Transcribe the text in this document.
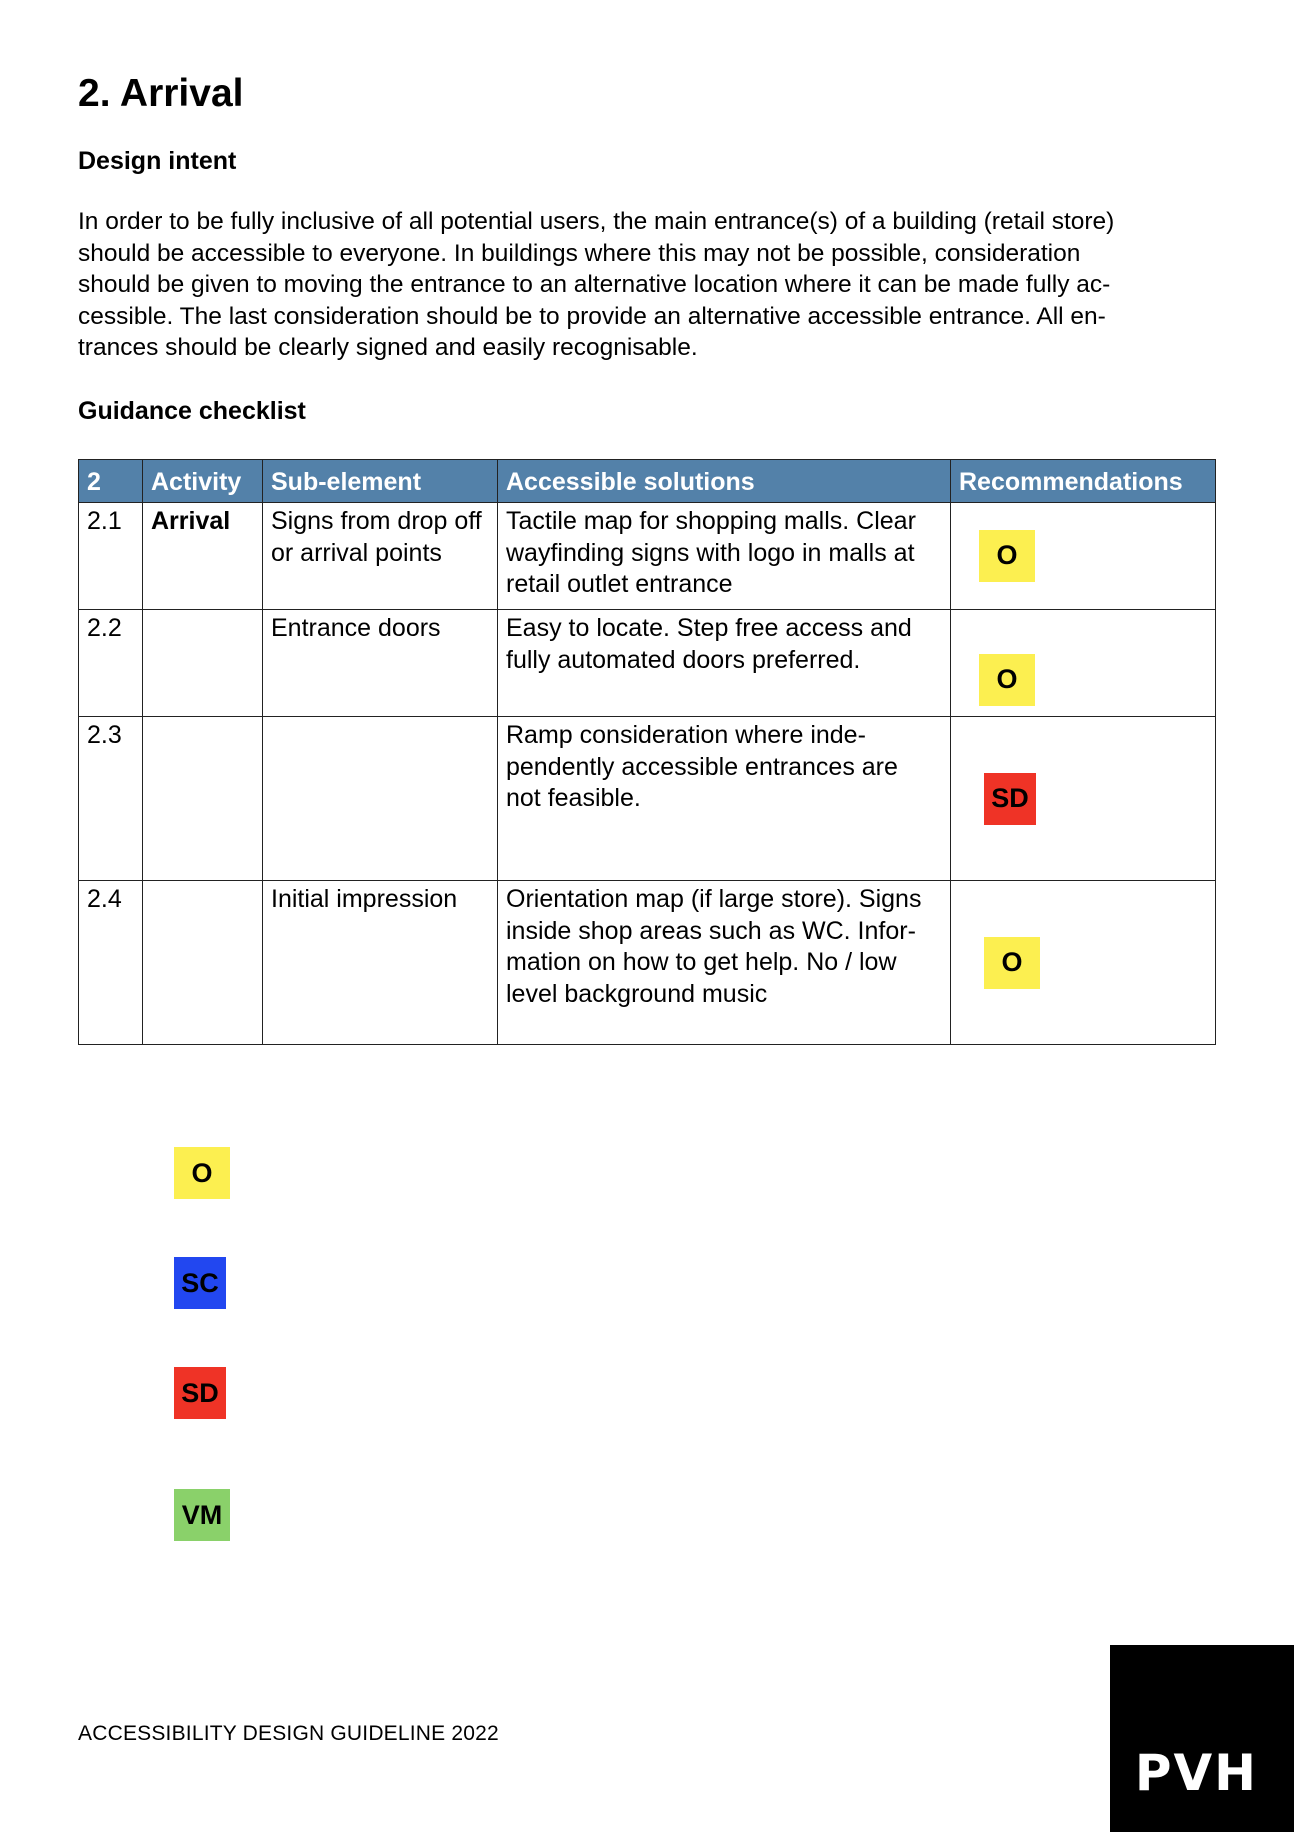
2. Arrival
Design intent

In order to be fully inclusive of all potential users, the main entrance(s) of a building (retail store)
should be accessible to everyone. In buildings where this may not be possible, consideration
should be given to moving the entrance to an alternative location where it can be made fully ac-
cessible. The last consideration should be to provide an alternative accessible entrance. All en-
trances should be clearly signed and easily recognisable.

Guidance checklist
2	Activity	Sub-element	Accessible solutions	Recommendations
2.1	Arrival	Signs from drop off or arrival points	Tactile map for shopping malls. Clear wayfinding signs with logo in malls at retail outlet entrance	O
2.2		Entrance doors	Easy to locate. Step free access and fully automated doors preferred.	O
2.3			Ramp consideration where inde-
pendently accessible entrances are
not feasible.	SD
2.4		Initial impression	Orientation map (if large store). Signs
inside shop areas such as WC. Infor-
mation on how to get help. No / low
level background music	O
O
SC
SD
VM
ACCESSIBILITY DESIGN GUIDELINE 2022
PVH
